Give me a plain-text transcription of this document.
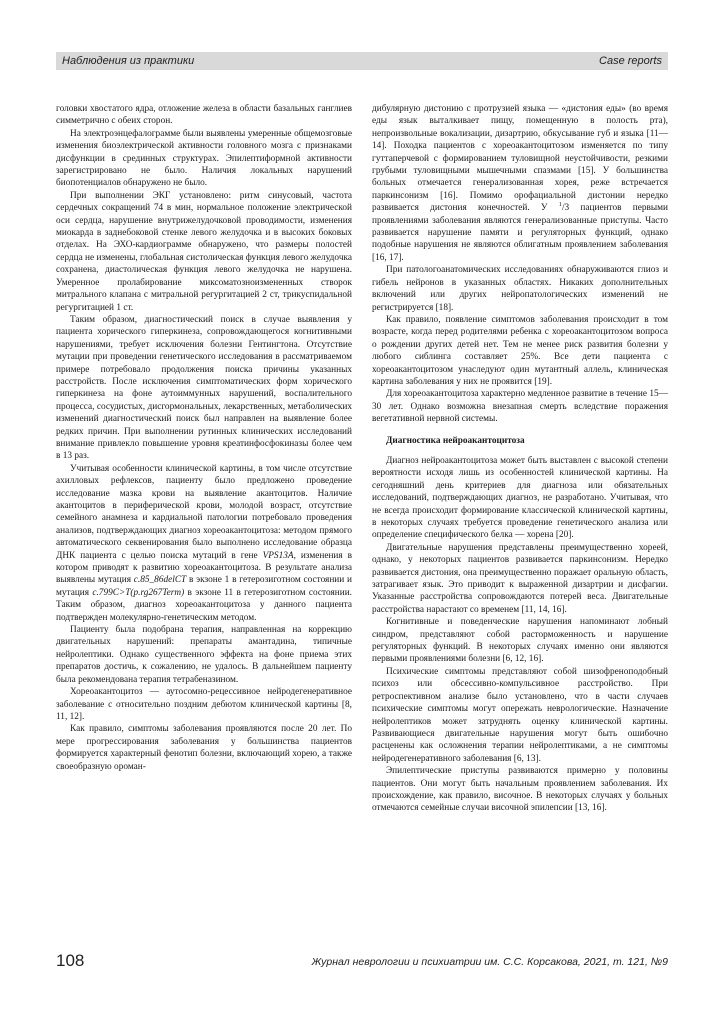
Наблюдения из практики	Case reports

головки хвостатого ядра, отложение железа в области базальных ганглиев симметрично с обеих сторон.

На электроэнцефалограмме были выявлены умеренные общемозговые изменения биоэлектрической активности головного мозга с признаками дисфункции в срединных структурах. Эпилептиформной активности зарегистрировано не было. Наличия локальных нарушений биопотенциалов обнаружено не было.

При выполнении ЭКГ установлено: ритм синусовый, частота сердечных сокращений 74 в мин, нормальное положение электрической оси сердца, нарушение внутрижелудочковой проводимости, изменения миокарда в заднебоковой стенке левого желудочка и в высоких боковых отделах. На ЭХО-кардиограмме обнаружено, что размеры полостей сердца не изменены, глобальная систолическая функция левого желудочка сохранена, диастолическая функция левого желудочка не нарушена. Умеренное пролабирование миксоматозноизмененных створок митрального клапана с митральной регургитацией 2 ст, трикуспидальной регургитацией 1 ст.

Таким образом, диагностический поиск в случае выявления у пациента хорического гиперкинеза, сопровождающегося когнитивными нарушениями, требует исключения болезни Гентингтона. Отсутствие мутации при проведении генетического исследования в рассматриваемом примере потребовало продолжения поиска причины указанных расстройств. После исключения симптоматических форм хорического гиперкинеза на фоне аутоиммунных нарушений, воспалительного процесса, сосудистых, дисгормональных, лекарственных, метаболических изменений диагностический поиск был направлен на выявление более редких причин. При выполнении рутинных клинических исследований внимание привлекло повышение уровня креатинфосфокиназы более чем в 13 раз.

Учитывая особенности клинической картины, в том числе отсутствие ахилловых рефлексов, пациенту было предложено проведение исследование мазка крови на выявление акантоцитов. Наличие акантоцитов в периферической крови, молодой возраст, отсутствие семейного анамнеза и кардиальной патологии потребовало проведения анализов, подтверждающих диагноз хореоакантоцитоза: методом прямого автоматического секвенирования было выполнено исследование образца ДНК пациента с целью поиска мутаций в гене VPS13A, изменения в котором приводят к развитию хореоакантоцитоза. В результате анализа выявлены мутация c.85_86delCT в экзоне 1 в гетерозиготном состоянии и мутация c.799C>T(p.rg267Term) в экзоне 11 в гетерозиготном состоянии. Таким образом, диагноз хореоакантоцитоза у данного пациента подтвержден молекулярно-генетическим методом.

Пациенту была подобрана терапия, направленная на коррекцию двигательных нарушений: препараты амантадина, типичные нейролептики. Однако существенного эффекта на фоне приема этих препаратов достичь, к сожалению, не удалось. В дальнейшем пациенту была рекомендована терапия тетрабеназином.

Хореоакантоцитоз — аутосомно-рецессивное нейродегенеративное заболевание с относительно поздним дебютом клинической картины [8, 11, 12].

Как правило, симптомы заболевания проявляются после 20 лет. По мере прогрессирования заболевания у большинства пациентов формируется характерный фенотип болезни, включающий хорею, а также своеобразную ороман-

дибулярную дистонию с протрузией языка — «дистония еды» (во время еды язык выталкивает пищу, помещенную в полость рта), непроизвольные вокализации, дизартрию, обкусывание губ и языка [11—14]. Походка пациентов с хореоакантоцитозом изменяется по типу гуттаперчевой с формированием туловищной неустойчивости, резкими грубыми туловищными мышечными спазмами [15]. У большинства больных отмечается генерализованная хорея, реже встречается паркинсонизм [16]. Помимо орофациальной дистонии нередко развивается дистония конечностей. У $^1$/3 пациентов первыми проявлениями заболевания являются генерализованные приступы. Часто развивается нарушение памяти и регуляторных функций, однако подобные нарушения не являются облигатным проявлением заболевания [16, 17].

При патологоанатомических исследованиях обнаруживаются глиоз и гибель нейронов в указанных областях. Никаких дополнительных включений или других нейропатологических изменений не регистрируется [18].

Как правило, появление симптомов заболевания происходит в том возрасте, когда перед родителями ребенка с хореоакантоцитозом вопроса о рождении других детей нет. Тем не менее риск развития болезни у любого сиблинга составляет 25%. Все дети пациента с хореоакантоцитозом унаследуют один мутантный аллель, клиническая картина заболевания у них не проявится [19].

Для хореоакантоцитоза характерно медленное развитие в течение 15—30 лет. Однако возможна внезапная смерть вследствие поражения вегетативной нервной системы.

Диагностика нейроакантоцитоза

Диагноз нейроакантоцитоза может быть выставлен с высокой степени вероятности исходя лишь из особенностей клинической картины. На сегодняшний день критериев для диагноза или обязательных исследований, подтверждающих диагноз, не разработано. Учитывая, что не всегда происходит формирование классической клинической картины, в некоторых случаях требуется проведение генетического анализа или определение специфического белка — хорена [20].

Двигательные нарушения представлены преимущественно хореей, однако, у некоторых пациентов развивается паркинсонизм. Нередко развивается дистония, она преимущественно поражает оральную область, затрагивает язык. Это приводит к выраженной дизартрии и дисфагии. Указанные расстройства сопровождаются потерей веса. Двигательные расстройства нарастают со временем [11, 14, 16].

Когнитивные и поведенческие нарушения напоминают лобный синдром, представляют собой расторможенность и нарушение регуляторных функций. В некоторых случаях именно они являются первыми проявлениями болезни [6, 12, 16].

Психические симптомы представляют собой шизофреноподобный психоз или обсессивно-компульсивное расстройство. При ретроспективном анализе было установлено, что в части случаев психические симптомы могут опережать неврологические. Назначение нейролептиков может затруднять оценку клинической картины. Развивающиеся двигательные нарушения могут быть ошибочно расценены как осложнения терапии нейролептиками, а не симптомы нейродегенеративного заболевания [6, 13].

Эпилептические приступы развиваются примерно у половины пациентов. Они могут быть начальным проявлением заболевания. Их происхождение, как правило, височное. В некоторых случаях у больных отмечаются семейные случаи височной эпилепсии [13, 16].

108	Журнал неврологии и психиатрии им. С.С. Корсакова, 2021, т. 121, №9
